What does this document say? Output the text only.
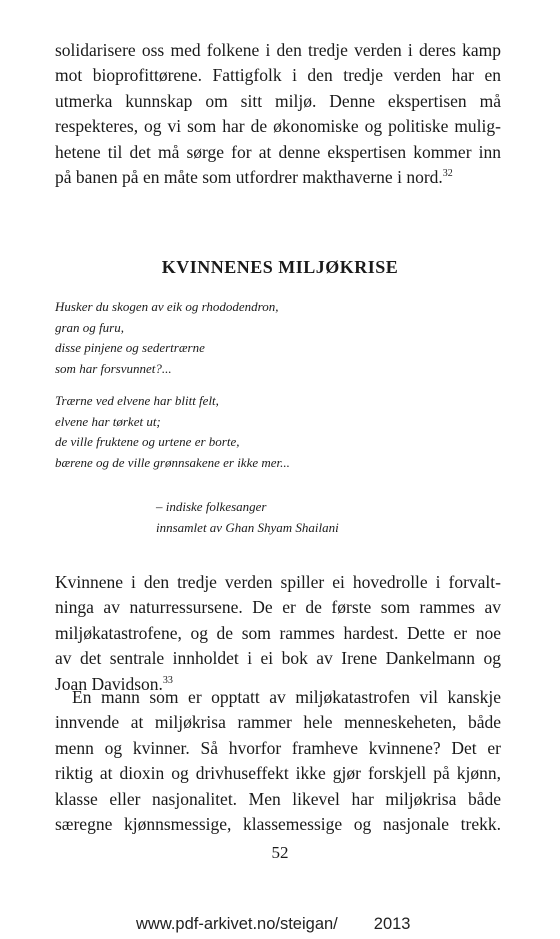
solidarisere oss med folkene i den tredje verden i deres kamp
mot bioprofittørene. Fattigfolk i den tredje verden har en
utmerka kunnskap om sitt miljø. Denne ekspertisen må
respekteres, og vi som har de økonomiske og politiske mulig-
hetene til det må sørge for at denne ekspertisen kommer inn
på banen på en måte som utfordrer makthaverne i nord.$^{32}$

KVINNENES MILJØKRISE

Husker du skogen av eik og rhododendron,
gran og furu,
disse pinjene og sedertrærne
som har forsvunnet?...

Trærne ved elvene har blitt felt,
elvene har tørket ut;
de ville fruktene og urtene er borte,
bærene og de ville grønnsakene er ikke mer...

– indiske folkesanger
innsamlet av Ghan Shyam Shailani

Kvinnene i den tredje verden spiller ei hovedrolle i forvalt-
ninga av naturressursene. De er de første som rammes av
miljøkatastrofene, og de som rammes hardest. Dette er noe
av det sentrale innholdet i ei bok av Irene Dankelmann og
Joan Davidson.$^{33}$

En mann som er opptatt av miljøkatastrofen vil kanskje
innvende at miljøkrisa rammer hele menneskeheten, både
menn og kvinner. Så hvorfor framheve kvinnene? Det er
riktig at dioxin og drivhuseffekt ikke gjør forskjell på kjønn,
klasse eller nasjonalitet. Men likevel har miljøkrisa både
særegne kjønnsmessige, klassemessige og nasjonale trekk.

52

www.pdf-arkivet.no/steigan/ 2013
